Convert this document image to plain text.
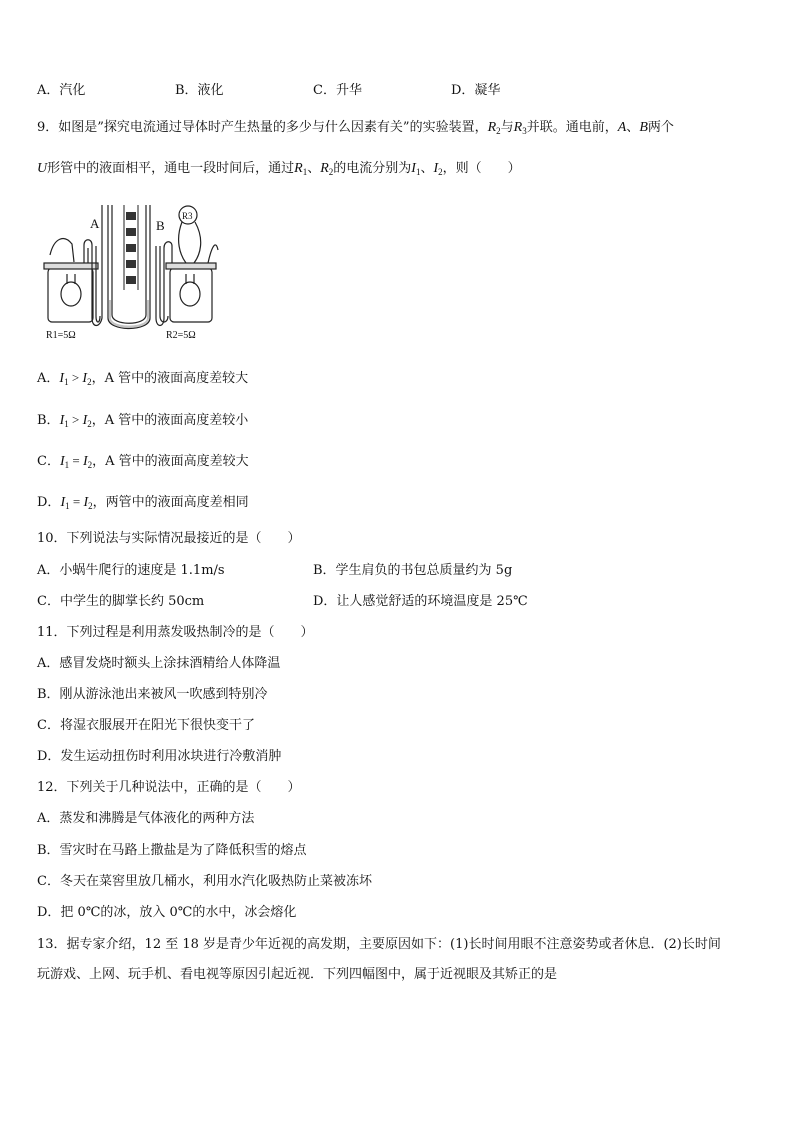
A．汽化	B．液化	C．升华	D．凝华
9．如图是”探究电流通过导体时产生热量的多少与什么因素有关”的实验装置，$R_2$与$R_3$并联。通电前，A、B两个
U形管中的液面相平，通电一段时间后，通过$R_1$、$R_2$的电流分别为$I_1$、$I_2$，则（　　）
A	B
R3
R1=5Ω	R2=5Ω
A．$I_1 > I_2$，A 管中的液面高度差较大
B．$I_1 > I_2$，A 管中的液面高度差较小
C．$I_1 = I_2$，A 管中的液面高度差较大
D．$I_1 = I_2$，两管中的液面高度差相同
10．下列说法与实际情况最接近的是（　　）
A．小蜗牛爬行的速度是 1.1m/s	B．学生肩负的书包总质量约为 5g
C．中学生的脚掌长约 50cm	D．让人感觉舒适的环境温度是 25℃
11．下列过程是利用蒸发吸热制冷的是（　　）
A．感冒发烧时额头上涂抹酒精给人体降温
B．刚从游泳池出来被风一吹感到特别冷
C．将湿衣服展开在阳光下很快变干了
D．发生运动扭伤时利用冰块进行冷敷消肿
12．下列关于几种说法中，正确的是（　　）
A．蒸发和沸腾是气体液化的两种方法
B．雪灾时在马路上撒盐是为了降低积雪的熔点
C．冬天在菜窖里放几桶水，利用水汽化吸热防止菜被冻坏
D．把 0℃的冰，放入 0℃的水中，冰会熔化
13．据专家介绍，12 至 18 岁是青少年近视的高发期，主要原因如下：(1)长时间用眼不注意姿势或者休息．(2)长时间
玩游戏、上网、玩手机、看电视等原因引起近视．下列四幅图中，属于近视眼及其矫正的是
